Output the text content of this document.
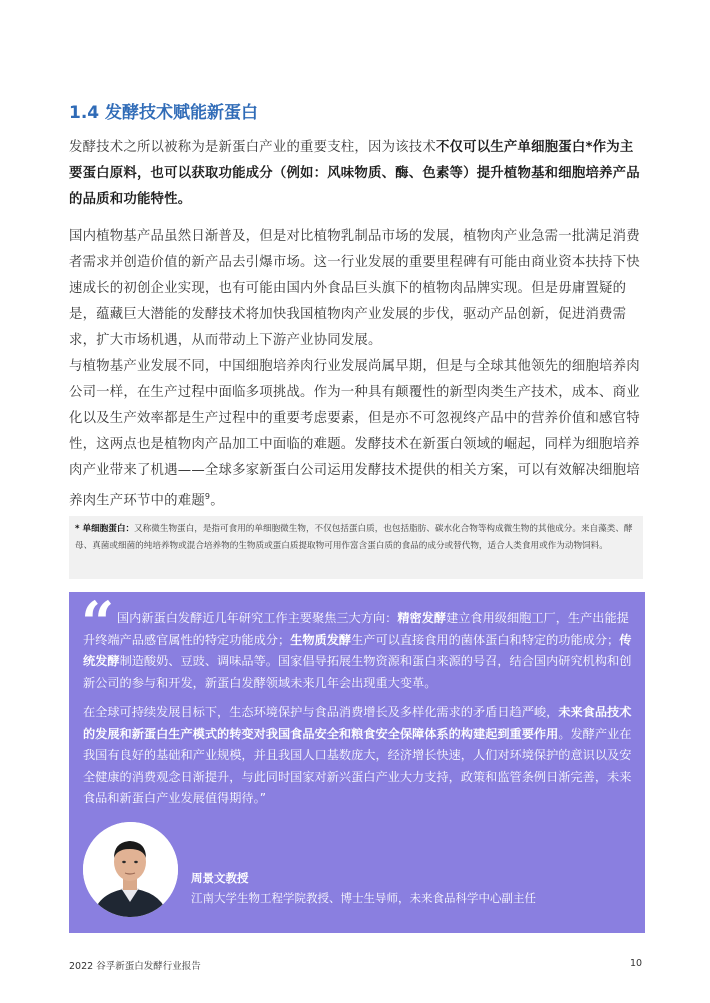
1.4 发酵技术赋能新蛋白

发酵技术之所以被称为是新蛋白产业的重要支柱，因为该技术不仅可以生产单细胞蛋白*作为主要蛋白原料，也可以获取功能成分（例如：风味物质、酶、色素等）提升植物基和细胞培养产品的品质和功能特性。

国内植物基产品虽然日渐普及，但是对比植物乳制品市场的发展，植物肉产业急需一批满足消费者需求并创造价值的新产品去引爆市场。这一行业发展的重要里程碑有可能由商业资本扶持下快速成长的初创企业实现，也有可能由国内外食品巨头旗下的植物肉品牌实现。但是毋庸置疑的是，蕴藏巨大潜能的发酵技术将加快我国植物肉产业发展的步伐，驱动产品创新，促进消费需求，扩大市场机遇，从而带动上下游产业协同发展。

与植物基产业发展不同，中国细胞培养肉行业发展尚属早期，但是与全球其他领先的细胞培养肉公司一样，在生产过程中面临多项挑战。作为一种具有颠覆性的新型肉类生产技术，成本、商业化以及生产效率都是生产过程中的重要考虑要素，但是亦不可忽视终产品中的营养价值和感官特性，这两点也是植物肉产品加工中面临的难题。发酵技术在新蛋白领域的崛起，同样为细胞培养肉产业带来了机遇——全球多家新蛋白公司运用发酵技术提供的相关方案，可以有效解决细胞培养肉生产环节中的难题$^9$。

* 单细胞蛋白：又称微生物蛋白，是指可食用的单细胞微生物，不仅包括蛋白质，也包括脂肪、碳水化合物等构成微生物的其他成分。来自藻类、酵母、真菌或细菌的纯培养物或混合培养物的生物质或蛋白质提取物可用作富含蛋白质的食品的成分或替代物，适合人类食用或作为动物饲料。
“ 国内新蛋白发酵近几年研究工作主要聚焦三大方向：精密发酵建立食用级细胞工厂，生产出能提升终端产品感官属性的特定功能成分；生物质发酵生产可以直接食用的菌体蛋白和特定的功能成分；传统发酵制造酸奶、豆豉、调味品等。国家倡导拓展生物资源和蛋白来源的号召，结合国内研究机构和创新公司的参与和开发，新蛋白发酵领域未来几年会出现重大变革。

在全球可持续发展目标下，生态环境保护与食品消费增长及多样化需求的矛盾日趋严峻，未来食品技术的发展和新蛋白生产模式的转变对我国食品安全和粮食安全保障体系的构建起到重要作用。发酵产业在我国有良好的基础和产业规模，并且我国人口基数庞大，经济增长快速，人们对环境保护的意识以及安全健康的消费观念日渐提升，与此同时国家对新兴蛋白产业大力支持，政策和监管条例日渐完善，未来食品和新蛋白产业发展值得期待。”

周景文教授
江南大学生物工程学院教授、博士生导师，未来食品科学中心副主任
2022 谷孚新蛋白发酵行业报告	10
